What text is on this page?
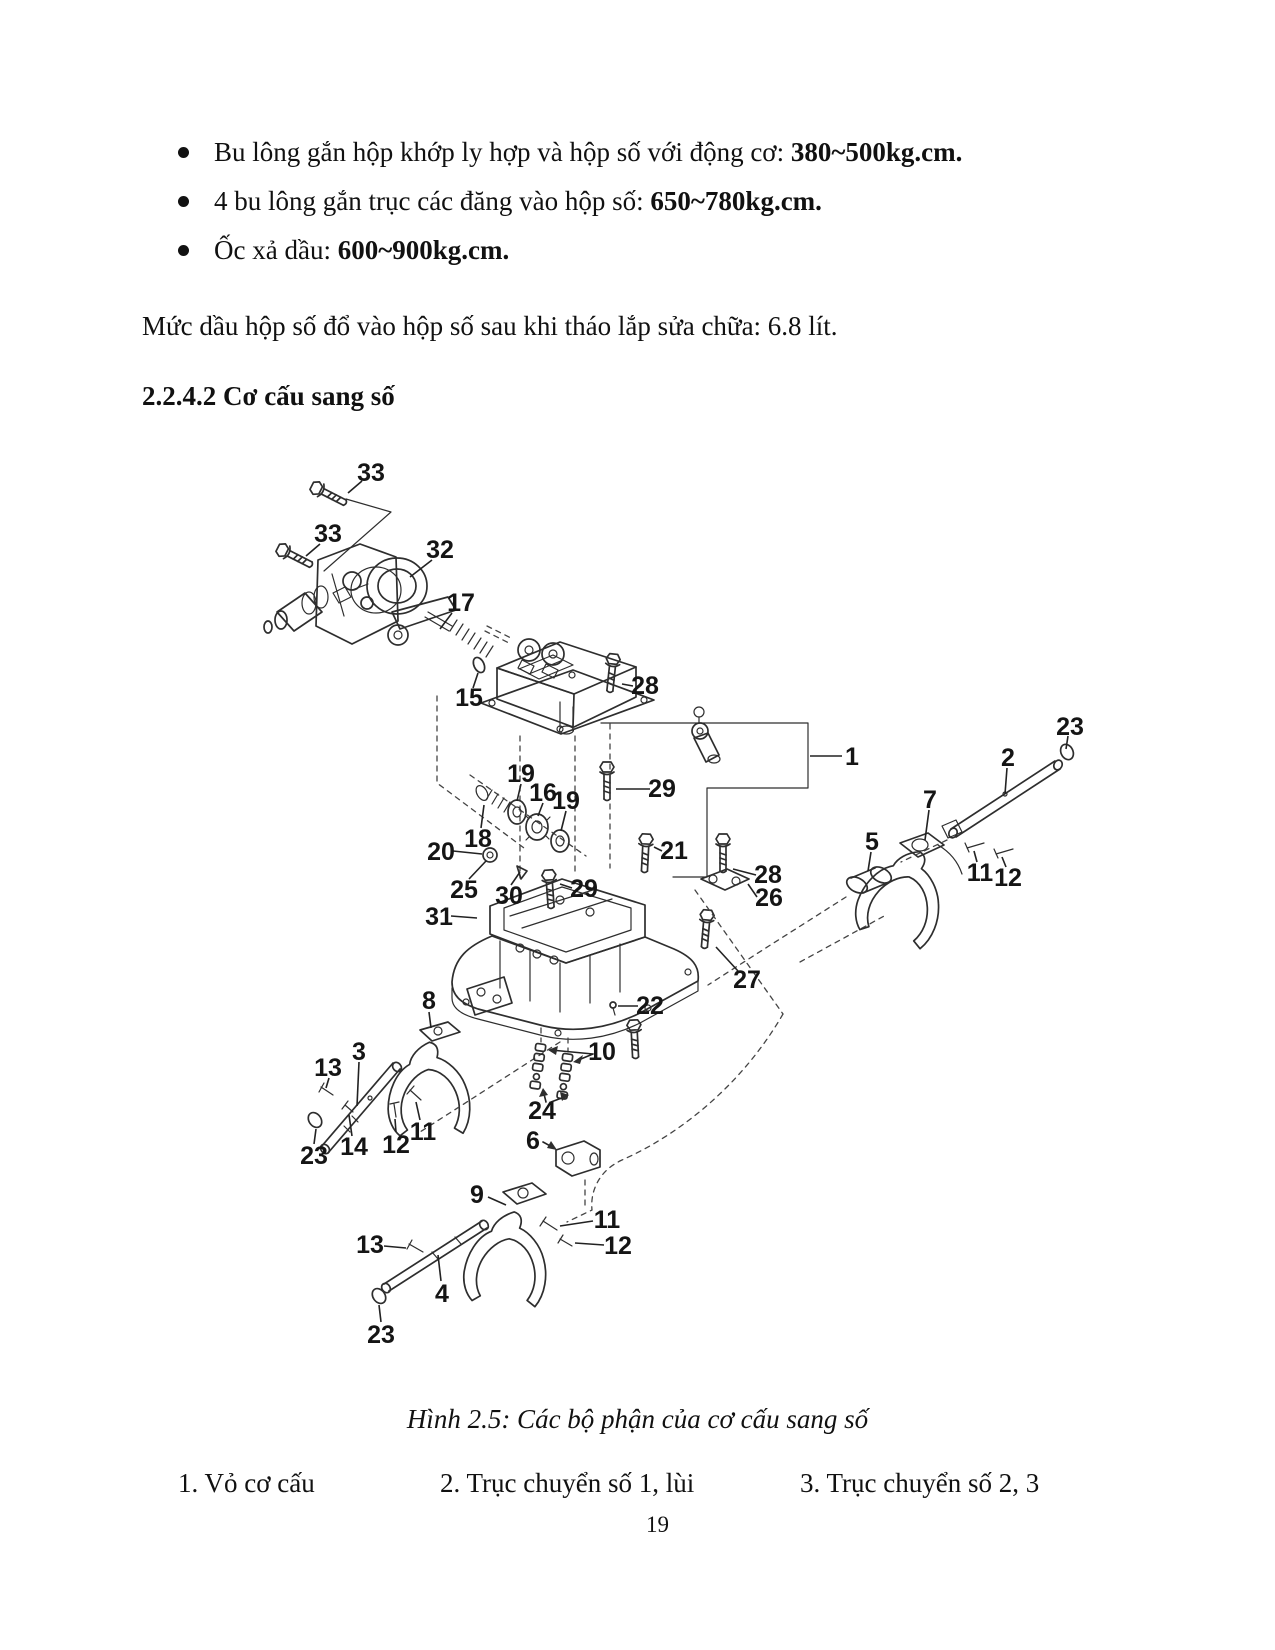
Bu lông gắn hộp khớp ly hợp và hộp số với động cơ: 380~500kg.cm.
4 bu lông gắn trục các đăng vào hộp số: 650~780kg.cm.
Ốc xả dầu: 600~900kg.cm.
Mức dầu hộp số đổ vào hộp số sau khi tháo lắp sửa chữa: 6.8 lít.
2.2.4.2 Cơ cấu sang số
33
33
32
17
15	28
29
1
19
16
19
18
20
25 30 29
31
21
28
26
27
22
23
2
7
5
11 12
8
10
24
6
3
13
14
23 12 11
9
11
12
13
4
23
Hình 2.5: Các bộ phận của cơ cấu sang số
1. Vỏ cơ cấu	2. Trục chuyển số 1, lùi	3. Trục chuyển số 2, 3
19
